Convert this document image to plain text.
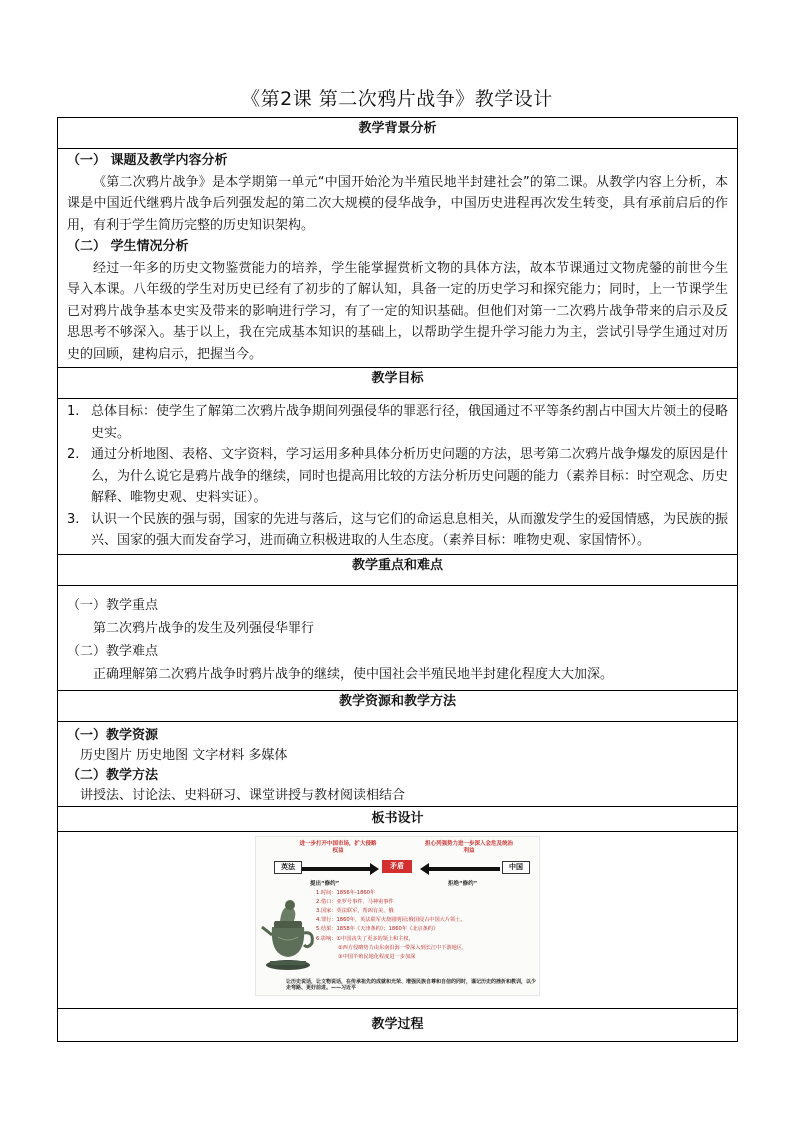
《第2课 第二次鸦片战争》教学设计
教学背景分析

（一） 课题及教学内容分析
《第二次鸦片战争》是本学期第一单元“中国开始沦为半殖民地半封建社会”的第二课。从教学内容上分析，本课是中国近代继鸦片战争后列强发起的第二次大规模的侵华战争，中国历史进程再次发生转变，具有承前启后的作用，有利于学生简历完整的历史知识架构。
（二） 学生情况分析
经过一年多的历史文物鉴赏能力的培养，学生能掌握赏析文物的具体方法，故本节课通过文物虎鎣的前世今生导入本课。八年级的学生对历史已经有了初步的了解认知，具备一定的历史学习和探究能力；同时，上一节课学生已对鸦片战争基本史实及带来的影响进行学习，有了一定的知识基础。但他们对第一二次鸦片战争带来的启示及反思思考不够深入。基于以上，我在完成基本知识的基础上，以帮助学生提升学习能力为主，尝试引导学生通过对历史的回顾，建构启示，把握当今。

教学目标

1. 总体目标：使学生了解第二次鸦片战争期间列强侵华的罪恶行径，俄国通过不平等条约割占中国大片领土的侵略史实。
2. 通过分析地图、表格、文字资料，学习运用多种具体分析历史问题的方法，思考第二次鸦片战争爆发的原因是什么，为什么说它是鸦片战争的继续，同时也提高用比较的方法分析历史问题的能力（素养目标：时空观念、历史解释、唯物史观、史料实证）。
3. 认识一个民族的强与弱，国家的先进与落后，这与它们的命运息息相关，从而激发学生的爱国情感，为民族的振兴、国家的强大而发奋学习，进而确立积极进取的人生态度。（素养目标：唯物史观、家国情怀）。

教学重点和难点

（一）教学重点
第二次鸦片战争的发生及列强侵华罪行
（二）教学难点
正确理解第二次鸦片战争时鸦片战争的继续，使中国社会半殖民地半封建化程度大大加深。

教学资源和教学方法

（一）教学资源
历史图片 历史地图 文字材料 多媒体
（二）教学方法
讲授法、讨论法、史料研习、课堂讲授与教材阅读相结合

板书设计

进一步打开中国市场，扩大侵略权益
担心列强势力进一步深入会危及统治利益
英法	中国
矛盾
提出“修约”	拒绝“修约”
1.时间：1856年-1860年
2.借口：亚罗号事件、马神甫事件
3.国家：英法联军，帮凶有美、俄
4.罪行：1860年，英法联军火烧圆明园;俄国侵占中国大片领土。
5.结果：1858年《天津条约》；1860年《北京条约》
6.影响：①中国丧失了更多的领土和主权，
②西方侵略势力由东南沿海一带深入到长江中下游地区，
③中国半殖民地化程度进一步加深
让历史说话，让文物说话，在传承祖先的成就和光荣、增强民族自尊和自信的同时，谨记历史的挫折和教训，以少走弯路、更好前进。——习近平

教学过程
